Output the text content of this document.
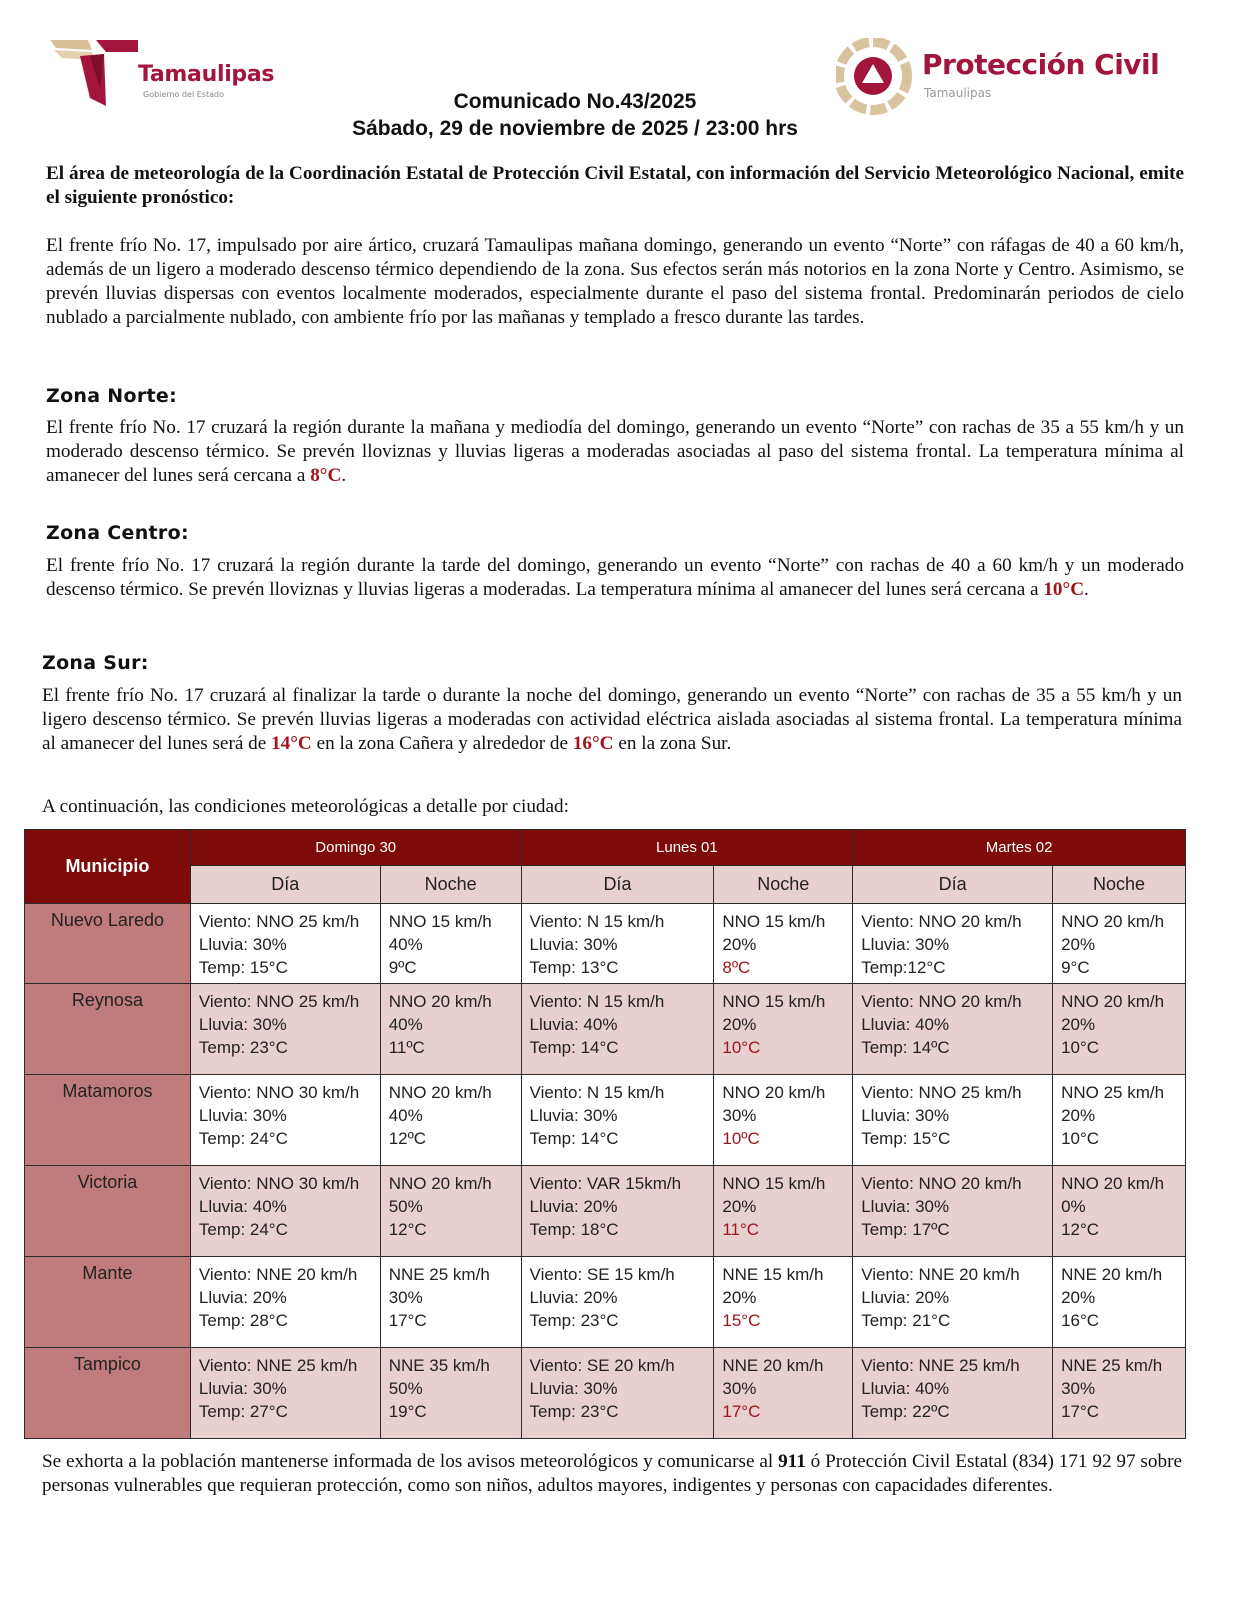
Tamaulipas
Gobierno del Estado
Protección Civil
Tamaulipas
Comunicado No.43/2025
Sábado, 29 de noviembre de 2025 / 23:00 hrs

El área de meteorología de la Coordinación Estatal de Protección Civil Estatal, con información del Servicio Meteorológico Nacional, emite el siguiente pronóstico:

El frente frío No. 17, impulsado por aire ártico, cruzará Tamaulipas mañana domingo, generando un evento “Norte” con ráfagas de 40 a 60 km/h, además de un ligero a moderado descenso térmico dependiendo de la zona. Sus efectos serán más notorios en la zona Norte y Centro. Asimismo, se prevén lluvias dispersas con eventos localmente moderados, especialmente durante el paso del sistema frontal. Predominarán periodos de cielo nublado a parcialmente nublado, con ambiente frío por las mañanas y templado a fresco durante las tardes.

Zona Norte:

El frente frío No. 17 cruzará la región durante la mañana y mediodía del domingo, generando un evento “Norte” con rachas de 35 a 55 km/h y un moderado descenso térmico. Se prevén lloviznas y lluvias ligeras a moderadas asociadas al paso del sistema frontal. La temperatura mínima al amanecer del lunes será cercana a 8°C.

Zona Centro:

El frente frío No. 17 cruzará la región durante la tarde del domingo, generando un evento “Norte” con rachas de 40 a 60 km/h y un moderado descenso térmico. Se prevén lloviznas y lluvias ligeras a moderadas. La temperatura mínima al amanecer del lunes será cercana a 10°C.

Zona Sur:

El frente frío No. 17 cruzará al finalizar la tarde o durante la noche del domingo, generando un evento “Norte” con rachas de 35 a 55 km/h y un ligero descenso térmico. Se prevén lluvias ligeras a moderadas con actividad eléctrica aislada asociadas al sistema frontal. La temperatura mínima al amanecer del lunes será de 14°C en la zona Cañera y alrededor de 16°C en la zona Sur.

A continuación, las condiciones meteorológicas a detalle por ciudad:
Municipio	Domingo 30		Lunes 01		Martes 02	
	Día	Noche	Día	Noche	Día	Noche
Nuevo Laredo	Viento: NNO 25 km/h
Lluvia: 30%
Temp: 15°C

NNO 15 km/h
40%
9ºC

Viento: N 15 km/h
Lluvia: 30%
Temp: 13°C

NNO 15 km/h
20%
8ºC

Viento: NNO 20 km/h
Lluvia: 30%
Temp:12°C

NNO 20 km/h
20%
9°C

Reynosa	Viento: NNO 25 km/h
Lluvia: 30%
Temp: 23°C

NNO 20 km/h
40%
11ºC

Viento: N 15 km/h
Lluvia: 40%
Temp: 14°C

NNO 15 km/h
20%
10°C

Viento: NNO 20 km/h
Lluvia: 40%
Temp: 14ºC

NNO 20 km/h
20%
10°C

Matamoros	Viento: NNO 30 km/h
Lluvia: 30%
Temp: 24°C

NNO 20 km/h
40%
12ºC

Viento: N 15 km/h
Lluvia: 30%
Temp: 14°C

NNO 20 km/h
30%
10ºC

Viento: NNO 25 km/h
Lluvia: 30%
Temp: 15°C

NNO 25 km/h
20%
10°C

Victoria	Viento: NNO 30 km/h
Lluvia: 40%
Temp: 24°C

NNO 20 km/h
50%
12°C

Viento: VAR 15km/h
Lluvia: 20%
Temp: 18°C

NNO 15 km/h
20%
11°C

Viento: NNO 20 km/h
Lluvia: 30%
Temp: 17ºC

NNO 20 km/h
0%
12°C

Mante	Viento: NNE 20 km/h
Lluvia: 20%
Temp: 28°C

NNE 25 km/h
30%
17°C

Viento: SE 15 km/h
Lluvia: 20%
Temp: 23°C

NNE 15 km/h
20%
15°C

Viento: NNE 20 km/h
Lluvia: 20%
Temp: 21°C

NNE 20 km/h
20%
16°C

Tampico	Viento: NNE 25 km/h
Lluvia: 30%
Temp: 27°C

NNE 35 km/h
50%
19°C

Viento: SE 20 km/h
Lluvia: 30%
Temp: 23°C

NNE 20 km/h
30%
17°C

Viento: NNE 25 km/h
Lluvia: 40%
Temp: 22ºC

NNE 25 km/h
30%
17°C

Se exhorta a la población mantenerse informada de los avisos meteorológicos y comunicarse al 911 ó Protección Civil Estatal (834) 171 92 97 sobre personas vulnerables que requieran protección, como son niños, adultos mayores, indigentes y personas con capacidades diferentes.
